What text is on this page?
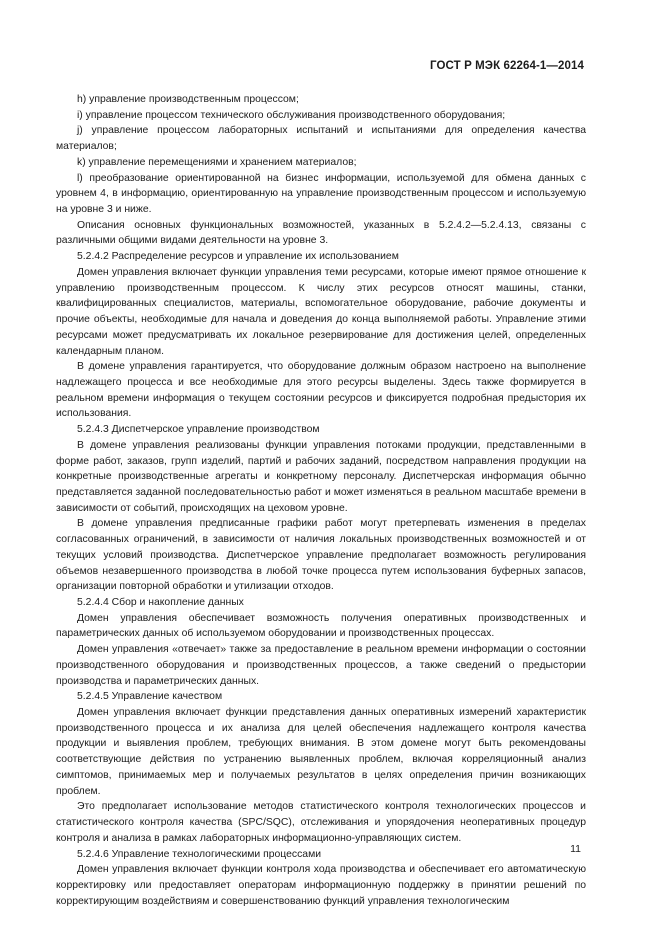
ГОСТ Р МЭК 62264-1—2014

h) управление производственным процессом;

i) управление процессом технического обслуживания производственного оборудования;

j) управление процессом лабораторных испытаний и испытаниями для определения качества материалов;

k) управление перемещениями и хранением материалов;

l) преобразование ориентированной на бизнес информации, используемой для обмена данных с уровнем 4, в информацию, ориентированную на управление производственным процессом и используемую на уровне 3 и ниже.

Описания основных функциональных возможностей, указанных в 5.2.4.2—5.2.4.13, связаны с различными общими видами деятельности на уровне 3.

5.2.4.2 Распределение ресурсов и управление их использованием

Домен управления включает функции управления теми ресурсами, которые имеют прямое отношение к управлению производственным процессом. К числу этих ресурсов относят машины, станки, квалифицированных специалистов, материалы, вспомогательное оборудование, рабочие документы и прочие объекты, необходимые для начала и доведения до конца выполняемой работы. Управление этими ресурсами может предусматривать их локальное резервирование для достижения целей, определенных календарным планом.

В домене управления гарантируется, что оборудование должным образом настроено на выполнение надлежащего процесса и все необходимые для этого ресурсы выделены. Здесь также формируется в реальном времени информация о текущем состоянии ресурсов и фиксируется подробная предыстория их использования.

5.2.4.3 Диспетчерское управление производством

В домене управления реализованы функции управления потоками продукции, представленными в форме работ, заказов, групп изделий, партий и рабочих заданий, посредством направления продукции на конкретные производственные агрегаты и конкретному персоналу. Диспетчерская информация обычно представляется заданной последовательностью работ и может изменяться в реальном масштабе времени в зависимости от событий, происходящих на цеховом уровне.

В домене управления предписанные графики работ могут претерпевать изменения в пределах согласованных ограничений, в зависимости от наличия локальных производственных возможностей и от текущих условий производства. Диспетчерское управление предполагает возможность регулирования объемов незавершенного производства в любой точке процесса путем использования буферных запасов, организации повторной обработки и утилизации отходов.

5.2.4.4 Сбор и накопление данных

Домен управления обеспечивает возможность получения оперативных производственных и параметрических данных об используемом оборудовании и производственных процессах.

Домен управления «отвечает» также за предоставление в реальном времени информации о состоянии производственного оборудования и производственных процессов, а также сведений о предыстории производства и параметрических данных.

5.2.4.5 Управление качеством

Домен управления включает функции представления данных оперативных измерений характеристик производственного процесса и их анализа для целей обеспечения надлежащего контроля качества продукции и выявления проблем, требующих внимания. В этом домене могут быть рекомендованы соответствующие действия по устранению выявленных проблем, включая корреляционный анализ симптомов, принимаемых мер и получаемых результатов в целях определения причин возникающих проблем.

Это предполагает использование методов статистического контроля технологических процессов и статистического контроля качества (SPC/SQC), отслеживания и упорядочения неоперативных процедур контроля и анализа в рамках лабораторных информационно-управляющих систем.

5.2.4.6 Управление технологическими процессами

Домен управления включает функции контроля хода производства и обеспечивает его автоматическую корректировку или предоставляет операторам информационную поддержку в принятии решений по корректирующим воздействиям и совершенствованию функций управления технологическим

11
